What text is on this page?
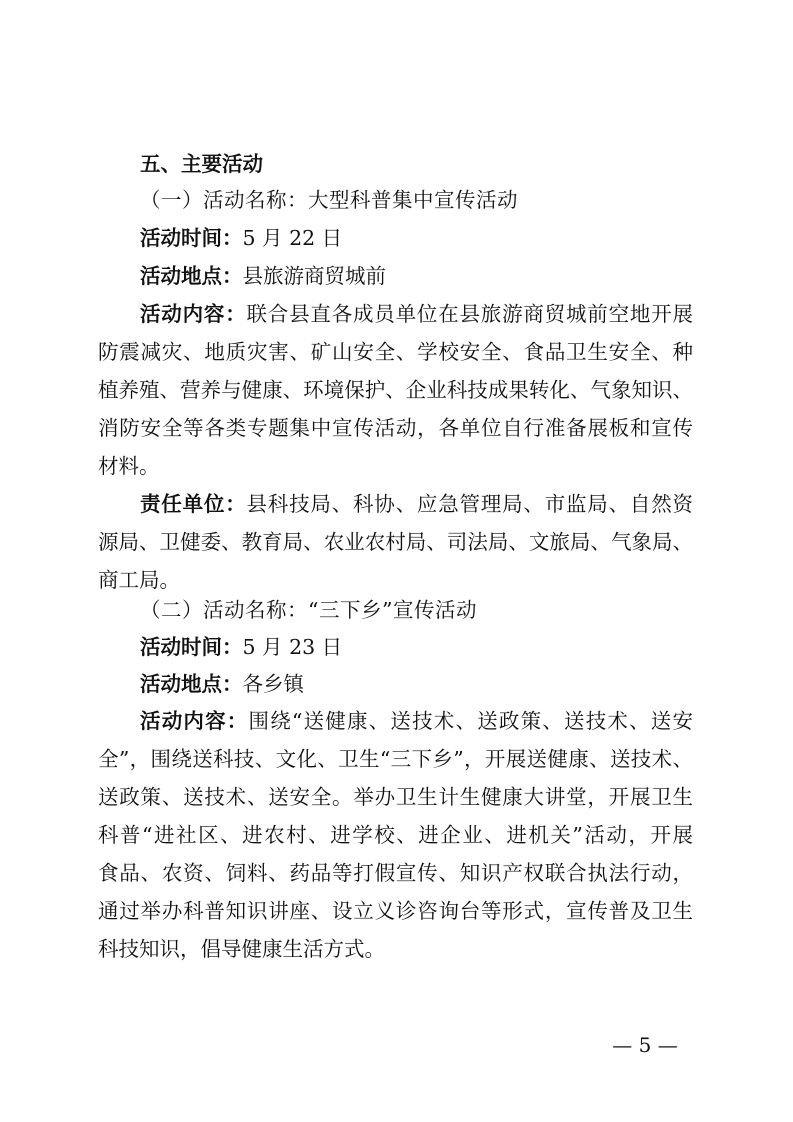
五、主要活动
（一）活动名称：大型科普集中宣传活动
活动时间：5 月 22 日
活动地点：县旅游商贸城前
活动内容：联合县直各成员单位在县旅游商贸城前空地开展
防震减灾、地质灾害、矿山安全、学校安全、食品卫生安全、种
植养殖、营养与健康、环境保护、企业科技成果转化、气象知识、
消防安全等各类专题集中宣传活动，各单位自行准备展板和宣传
材料。
责任单位：县科技局、科协、应急管理局、市监局、自然资
源局、卫健委、教育局、农业农村局、司法局、文旅局、气象局、
商工局。
（二）活动名称：“三下乡”宣传活动
活动时间：5 月 23 日
活动地点：各乡镇
活动内容：围绕“送健康、送技术、送政策、送技术、送安
全”，围绕送科技、文化、卫生“三下乡”，开展送健康、送技术、
送政策、送技术、送安全。举办卫生计生健康大讲堂，开展卫生
科普“进社区、进农村、进学校、进企业、进机关”活动，开展
食品、农资、饲料、药品等打假宣传、知识产权联合执法行动，
通过举办科普知识讲座、设立义诊咨询台等形式，宣传普及卫生
科技知识，倡导健康生活方式。
— 5 —
